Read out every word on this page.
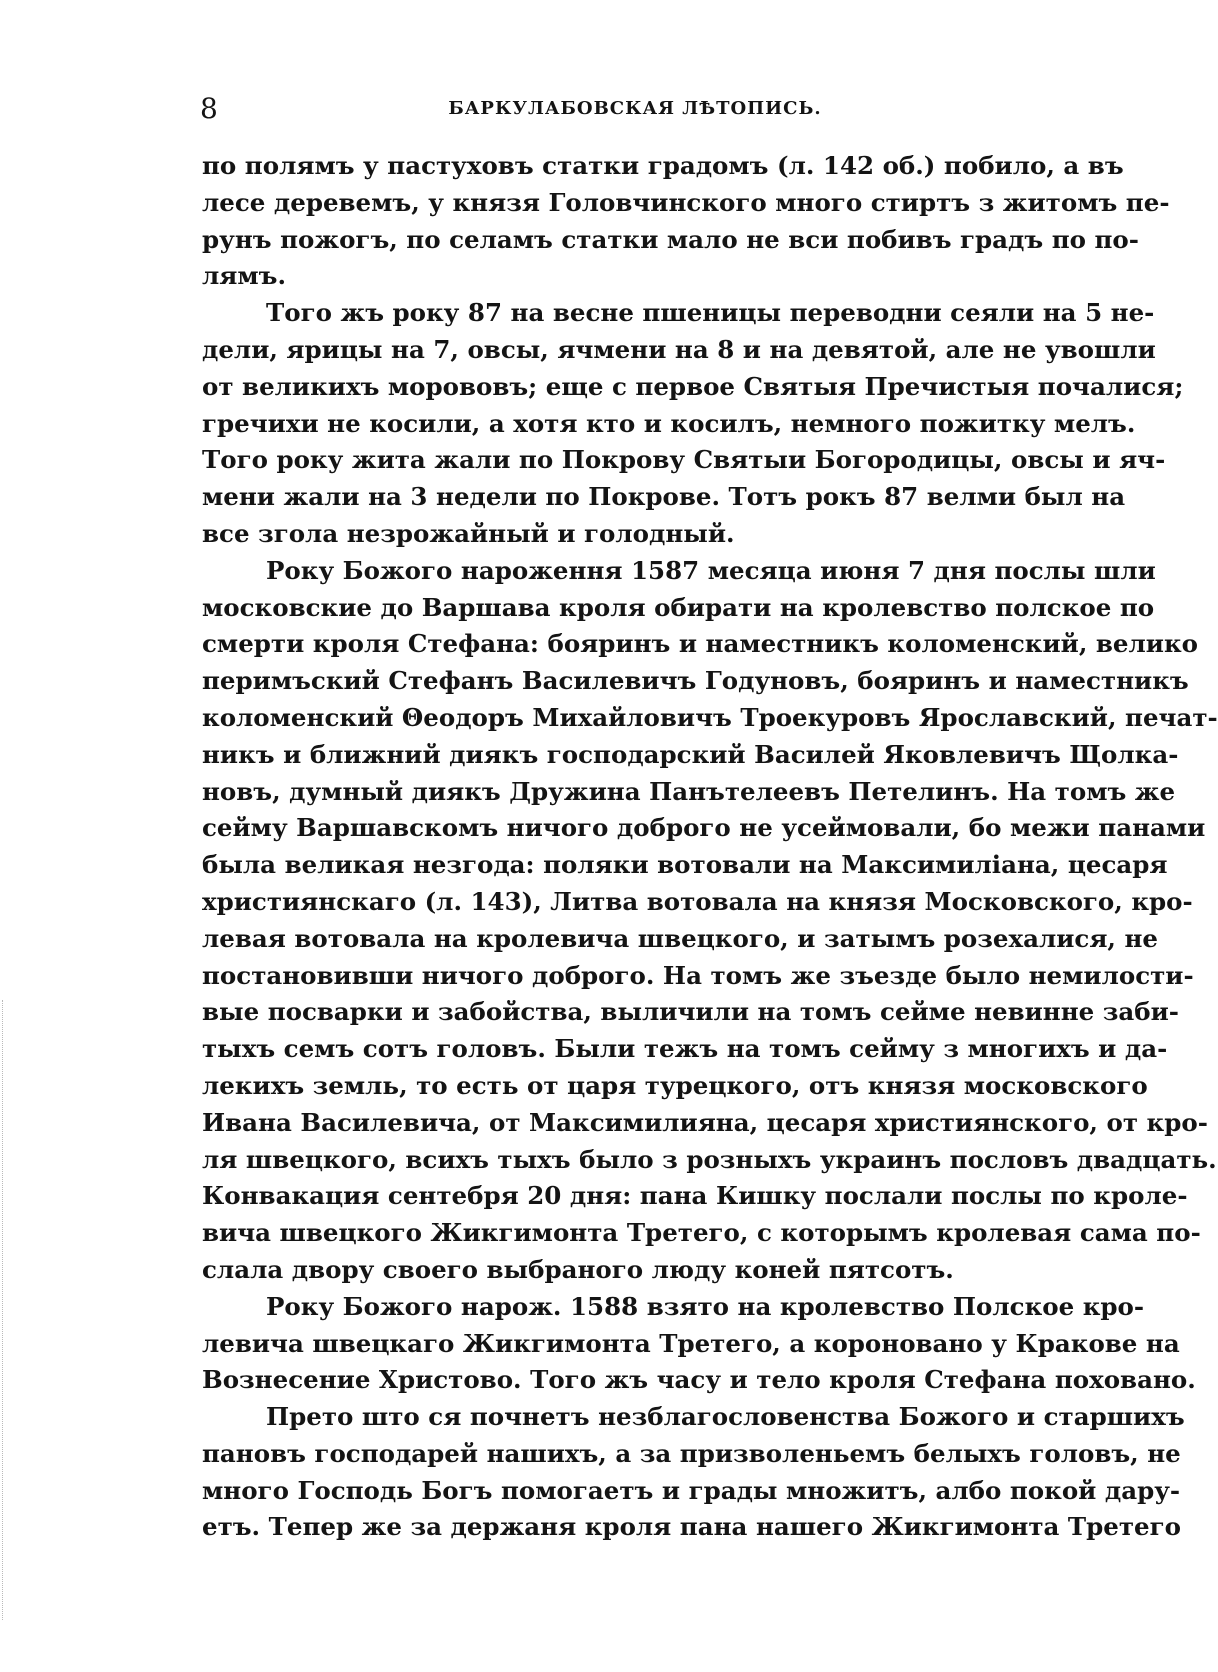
8	БАРКУЛАБОВСКАЯ ЛѢТОПИСЬ.
по полямъ у пастуховъ статки градомъ (л. 142 об.) побило, а въ
лесе деревемъ, у князя Головчинского много стиртъ з житомъ пе-
рунъ пожогъ, по селамъ статки мало не вси побивъ градъ по по-
лямъ.
Того жъ року 87 на весне пшеницы переводни сеяли на 5 не-
дели, ярицы на 7, овсы, ячмени на 8 и на девятой, але не увошли
от великихъ морововъ; еще с первое Святыя Пречистыя почалися;
гречихи не косили, а хотя кто и косилъ, немного пожитку мелъ.
Того року жита жали по Покрову Святыи Богородицы, овсы и яч-
мени жали на 3 недели по Покрове. Тотъ рокъ 87 велми был на
все згола незрожайный и голодный.
Року Божого нароження 1587 месяца июня 7 дня послы шли
московские до Варшава кроля обирати на кролевство полское по
смерти кроля Стефана: бояринъ и наместникъ коломенский, велико
перимъский Стефанъ Василевичъ Годуновъ, бояринъ и наместникъ
коломенский Θеодоръ Михайловичъ Троекуровъ Ярославский, печат-
никъ и ближний диякъ господарский Василей Яковлевичъ Щолка-
новъ, думный диякъ Дружина Панътелеевъ Петелинъ. На томъ же
сейму Варшавскомъ ничого доброго не усеймовали, бо межи панами
была великая незгода: поляки вотовали на Максимиліана, цесаря
християнскаго (л. 143), Литва вотовала на князя Московского, кро-
левая вотовала на кролевича швецкого, и затымъ розехалися, не
постановивши ничого доброго. На томъ же зъезде было немилости-
вые посварки и забойства, выличили на томъ сейме невинне заби-
тыхъ семъ сотъ головъ. Были тежъ на томъ сейму з многихъ и да-
лекихъ земль, то есть от царя турецкого, отъ князя московского
Ивана Василевича, от Максимилияна, цесаря християнского, от кро-
ля швецкого, всихъ тыхъ было з розныхъ украинъ пословъ двадцать.
Конвакация сентебря 20 дня: пана Кишку послали послы по кроле-
вича швецкого Жикгимонта Третего, с которымъ кролевая сама по-
слала двору своего выбраного люду коней пятсотъ.
Року Божого нарож. 1588 взято на кролевство Полское кро-
левича швецкаго Жикгимонта Третего, а короновано у Кракове на
Вознесение Христово. Того жъ часу и тело кроля Стефана поховано.
Прето што ся почнетъ незблагословенства Божого и старшихъ
пановъ господарей нашихъ, а за призволеньемъ белыхъ головъ, не
много Господь Богъ помогаетъ и грады множитъ, албо покой дару-
етъ. Тепер же за держаня кроля пана нашего Жикгимонта Третего
